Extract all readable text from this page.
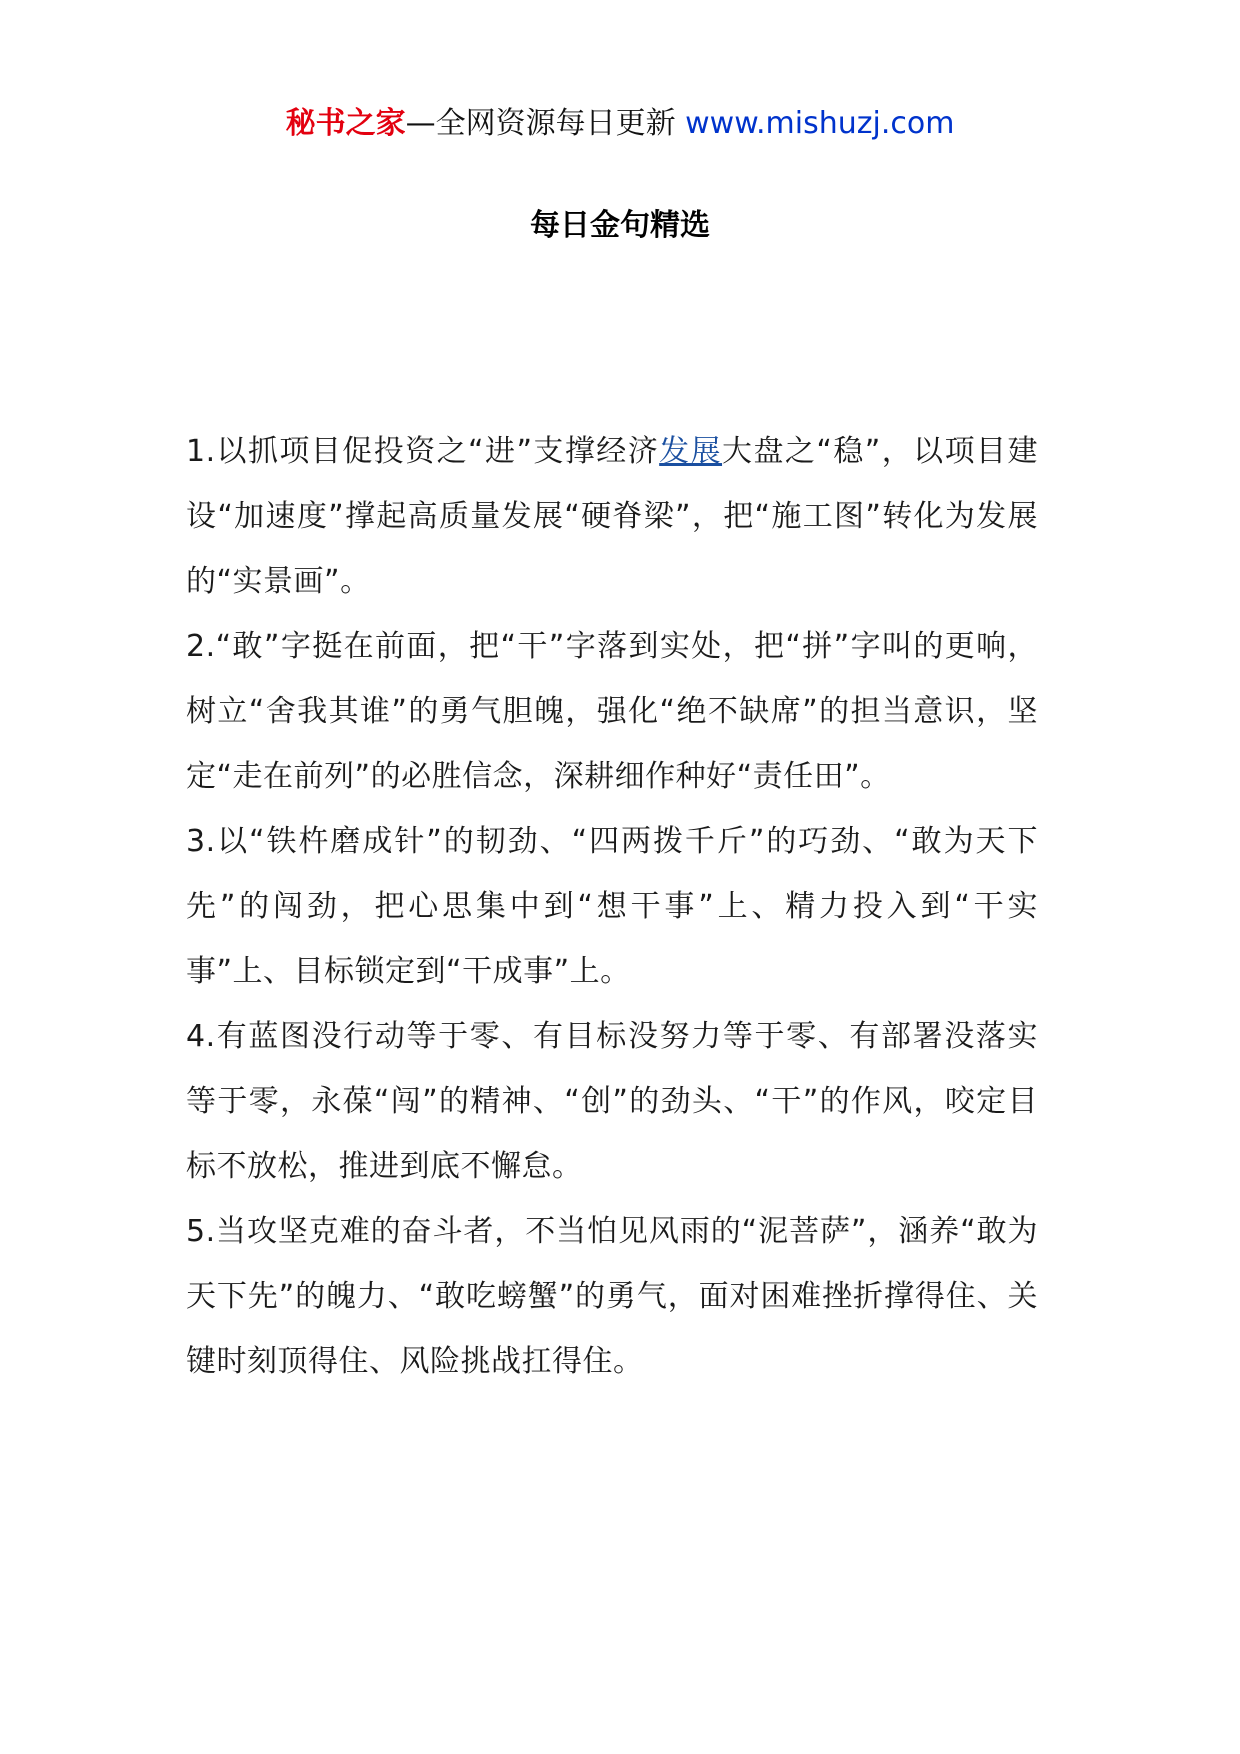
秘书之家—全网资源每日更新 www.mishuzj.com
每日金句精选

1.以抓项目促投资之“进”支撑经济发展大盘之“稳”，以项目建设“加速度”撑起高质量发展“硬脊梁”，把“施工图”转化为发展的“实景画”。

2.“敢”字挺在前面，把“干”字落到实处，把“拼”字叫的更响，树立“舍我其谁”的勇气胆魄，强化“绝不缺席”的担当意识，坚定“走在前列”的必胜信念，深耕细作种好“责任田”。

3.以“铁杵磨成针”的韧劲、“四两拨千斤”的巧劲、“敢为天下先”的闯劲，把心思集中到“想干事”上、精力投入到“干实事”上、目标锁定到“干成事”上。

4.有蓝图没行动等于零、有目标没努力等于零、有部署没落实等于零，永葆“闯”的精神、“创”的劲头、“干”的作风，咬定目标不放松，推进到底不懈怠。

5.当攻坚克难的奋斗者，不当怕见风雨的“泥菩萨”，涵养“敢为天下先”的魄力、“敢吃螃蟹”的勇气，面对困难挫折撑得住、关键时刻顶得住、风险挑战扛得住。
